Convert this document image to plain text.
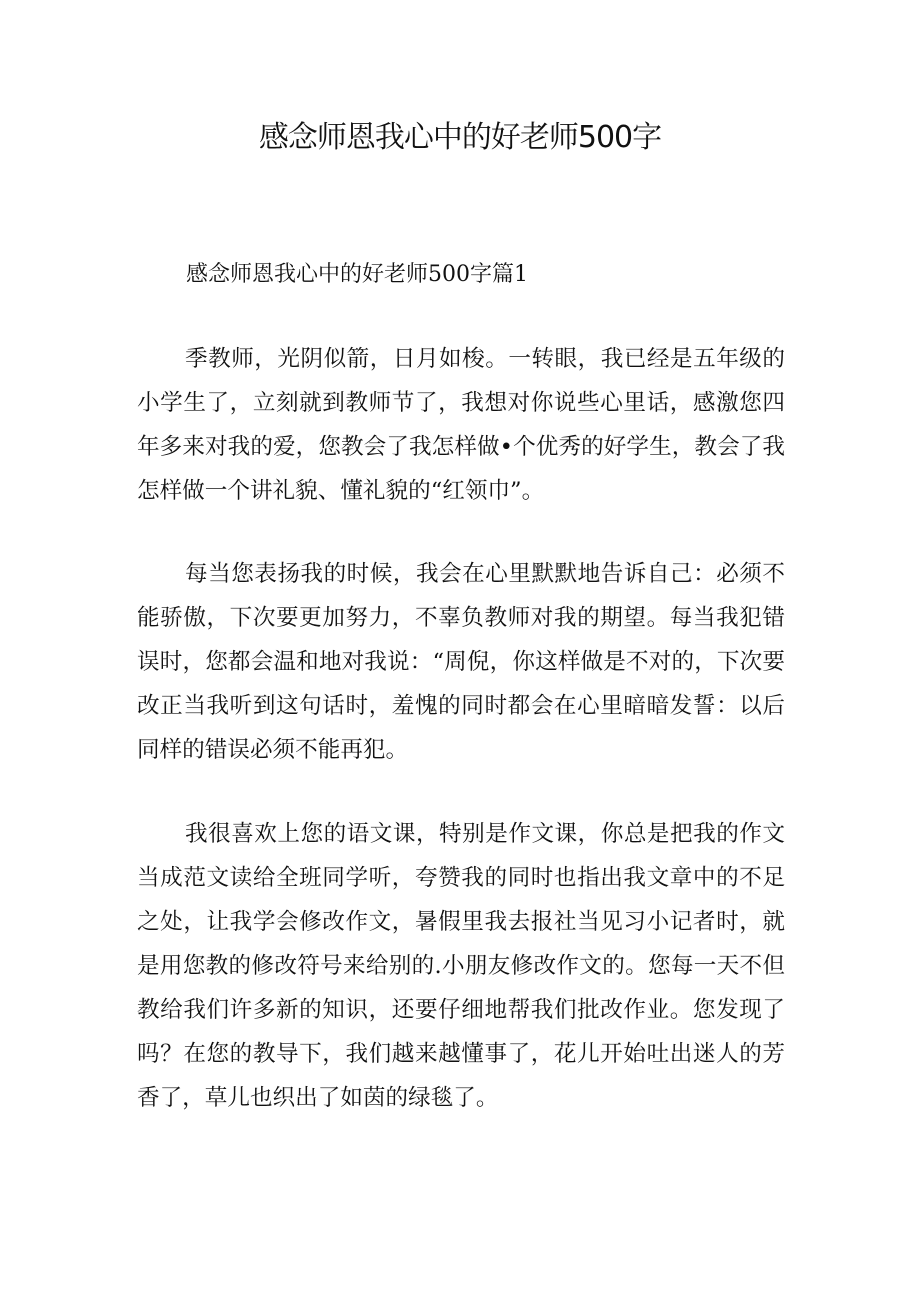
感念师恩我心中的好老师500字
感念师恩我心中的好老师500字篇1

季教师，光阴似箭，日月如梭。一转眼，我已经是五年级的小学生了，立刻就到教师节了，我想对你说些心里话，感激您四年多来对我的爱，您教会了我怎样做•个优秀的好学生，教会了我怎样做一个讲礼貌、懂礼貌的“红领巾”。

每当您表扬我的时候，我会在心里默默地告诉自己：必须不能骄傲，下次要更加努力，不辜负教师对我的期望。每当我犯错误时，您都会温和地对我说：“周倪，你这样做是不对的，下次要改正当我听到这句话时，羞愧的同时都会在心里暗暗发誓：以后同样的错误必须不能再犯。

我很喜欢上您的语文课，特别是作文课，你总是把我的作文当成范文读给全班同学听，夸赞我的同时也指出我文章中的不足之处，让我学会修改作文，暑假里我去报社当见习小记者时，就是用您教的修改符号来给别的.小朋友修改作文的。您每一天不但教给我们许多新的知识，还要仔细地帮我们批改作业。您发现了吗？在您的教导下，我们越来越懂事了，花儿开始吐出迷人的芳香了，草儿也织出了如茵的绿毯了。
